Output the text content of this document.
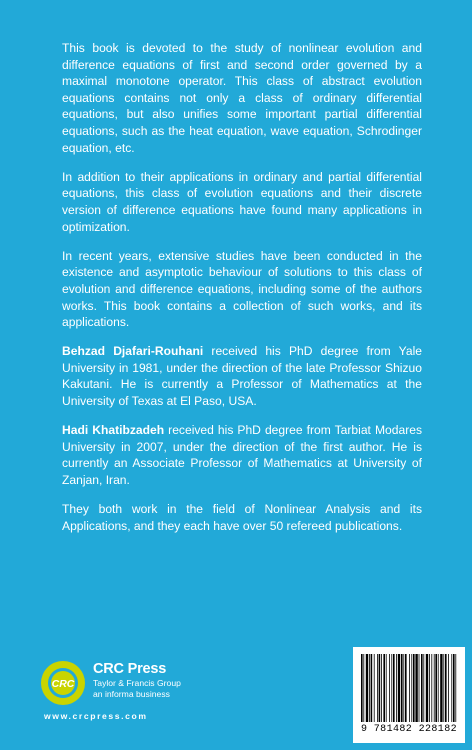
This book is devoted to the study of nonlinear evolution and difference equations of first and second order governed by a maximal monotone operator. This class of abstract evolution equations contains not only a class of ordinary differential equations, but also unifies some important partial differential equations, such as the heat equation, wave equation, Schrodinger equation, etc.

In addition to their applications in ordinary and partial differential equations, this class of evolution equations and their discrete version of difference equations have found many applications in optimization.

In recent years, extensive studies have been conducted in the existence and asymptotic behaviour of solutions to this class of evolution and difference equations, including some of the authors works. This book contains a collection of such works, and its applications.

Behzad Djafari-Rouhani received his PhD degree from Yale University in 1981, under the direction of the late Professor Shizuo Kakutani. He is currently a Professor of Mathematics at the University of Texas at El Paso, USA.

Hadi Khatibzadeh received his PhD degree from Tarbiat Modares University in 2007, under the direction of the first author. He is currently an Associate Professor of Mathematics at University of Zanjan, Iran.

They both work in the field of Nonlinear Analysis and its Applications, and they each have over 50 refereed publications.

CRC
CRC Press
Taylor & Francis Group
an informa business
www.crcpress.com
9 781482 228182
